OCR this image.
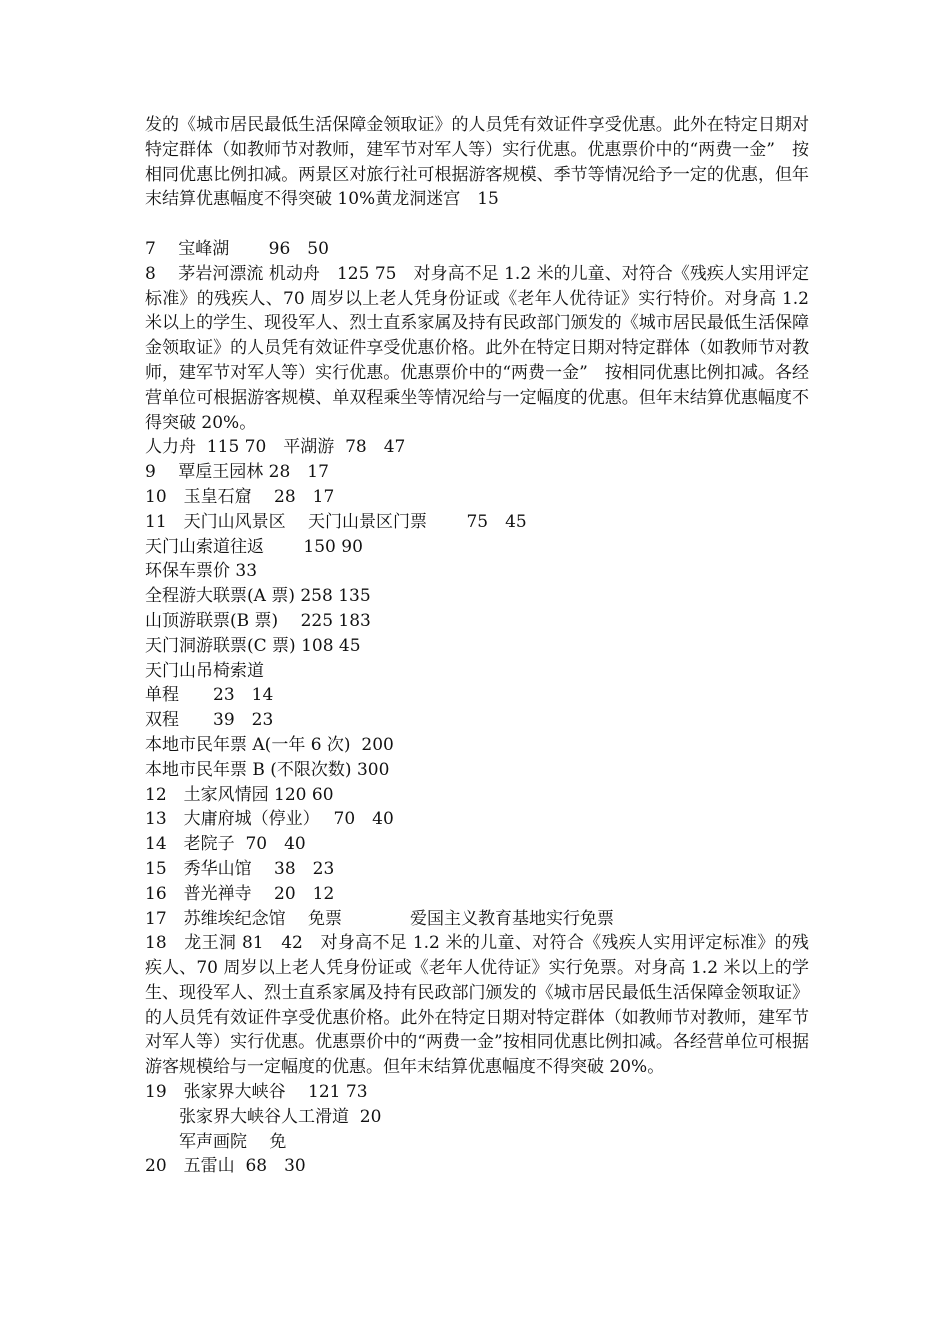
发的《城市居民最低生活保障金领取证》的人员凭有效证件享受优惠。此外在特定日期对特定群体（如教师节对教师，建军节对军人等）实行优惠。优惠票价中的“两费一金”　按相同优惠比例扣减。两景区对旅行社可根据游客规模、季节等情况给予一定的优惠，但年末结算优惠幅度不得突破 10%黄龙洞迷宫　15

7　 宝峰湖　　 96　50

8　 茅岩河漂流 机动舟　125 75　对身高不足 1.2 米的儿童、对符合《残疾人实用评定标准》的残疾人、70 周岁以上老人凭身份证或《老年人优待证》实行特价。对身高 1.2 米以上的学生、现役军人、烈士直系家属及持有民政部门颁发的《城市居民最低生活保障金领取证》的人员凭有效证件享受优惠价格。此外在特定日期对特定群体（如教师节对教师，建军节对军人等）实行优惠。优惠票价中的“两费一金”　按相同优惠比例扣减。各经营单位可根据游客规模、单双程乘坐等情况给与一定幅度的优惠。但年末结算优惠幅度不得突破 20%。

人力舟  115 70　平湖游  78　47
9　 覃垕王园林 28　17
10　玉皇石窟　 28　17
11　天门山风景区　 天门山景区门票　　 75　45
天门山索道往返　　 150 90
环保车票价 33
全程游大联票(A 票) 258 135
山顶游联票(B 票)　 225 183
天门洞游联票(C 票) 108 45
天门山吊椅索道
单程　　23　14
双程　　39　23
本地市民年票 A(一年 6 次)  200
本地市民年票 B (不限次数) 300
12　土家风情园 120 60
13　大庸府城（停业）　 70　40
14　老院子  70　40
15　秀华山馆　 38　23
16　普光禅寺　 20　12
17　苏维埃纪念馆　 免票　　　　爱国主义教育基地实行免票

18　龙王洞 81　42　对身高不足 1.2 米的儿童、对符合《残疾人实用评定标准》的残疾人、70 周岁以上老人凭身份证或《老年人优待证》实行免票。对身高 1.2 米以上的学生、现役军人、烈士直系家属及持有民政部门颁发的《城市居民最低生活保障金领取证》的人员凭有效证件享受优惠价格。此外在特定日期对特定群体（如教师节对教师，建军节对军人等）实行优惠。优惠票价中的“两费一金”按相同优惠比例扣减。各经营单位可根据游客规模给与一定幅度的优惠。但年末结算优惠幅度不得突破 20%。

19　张家界大峡谷　 121 73
张家界大峡谷人工滑道  20
军声画院　 免
20　五雷山  68　30
